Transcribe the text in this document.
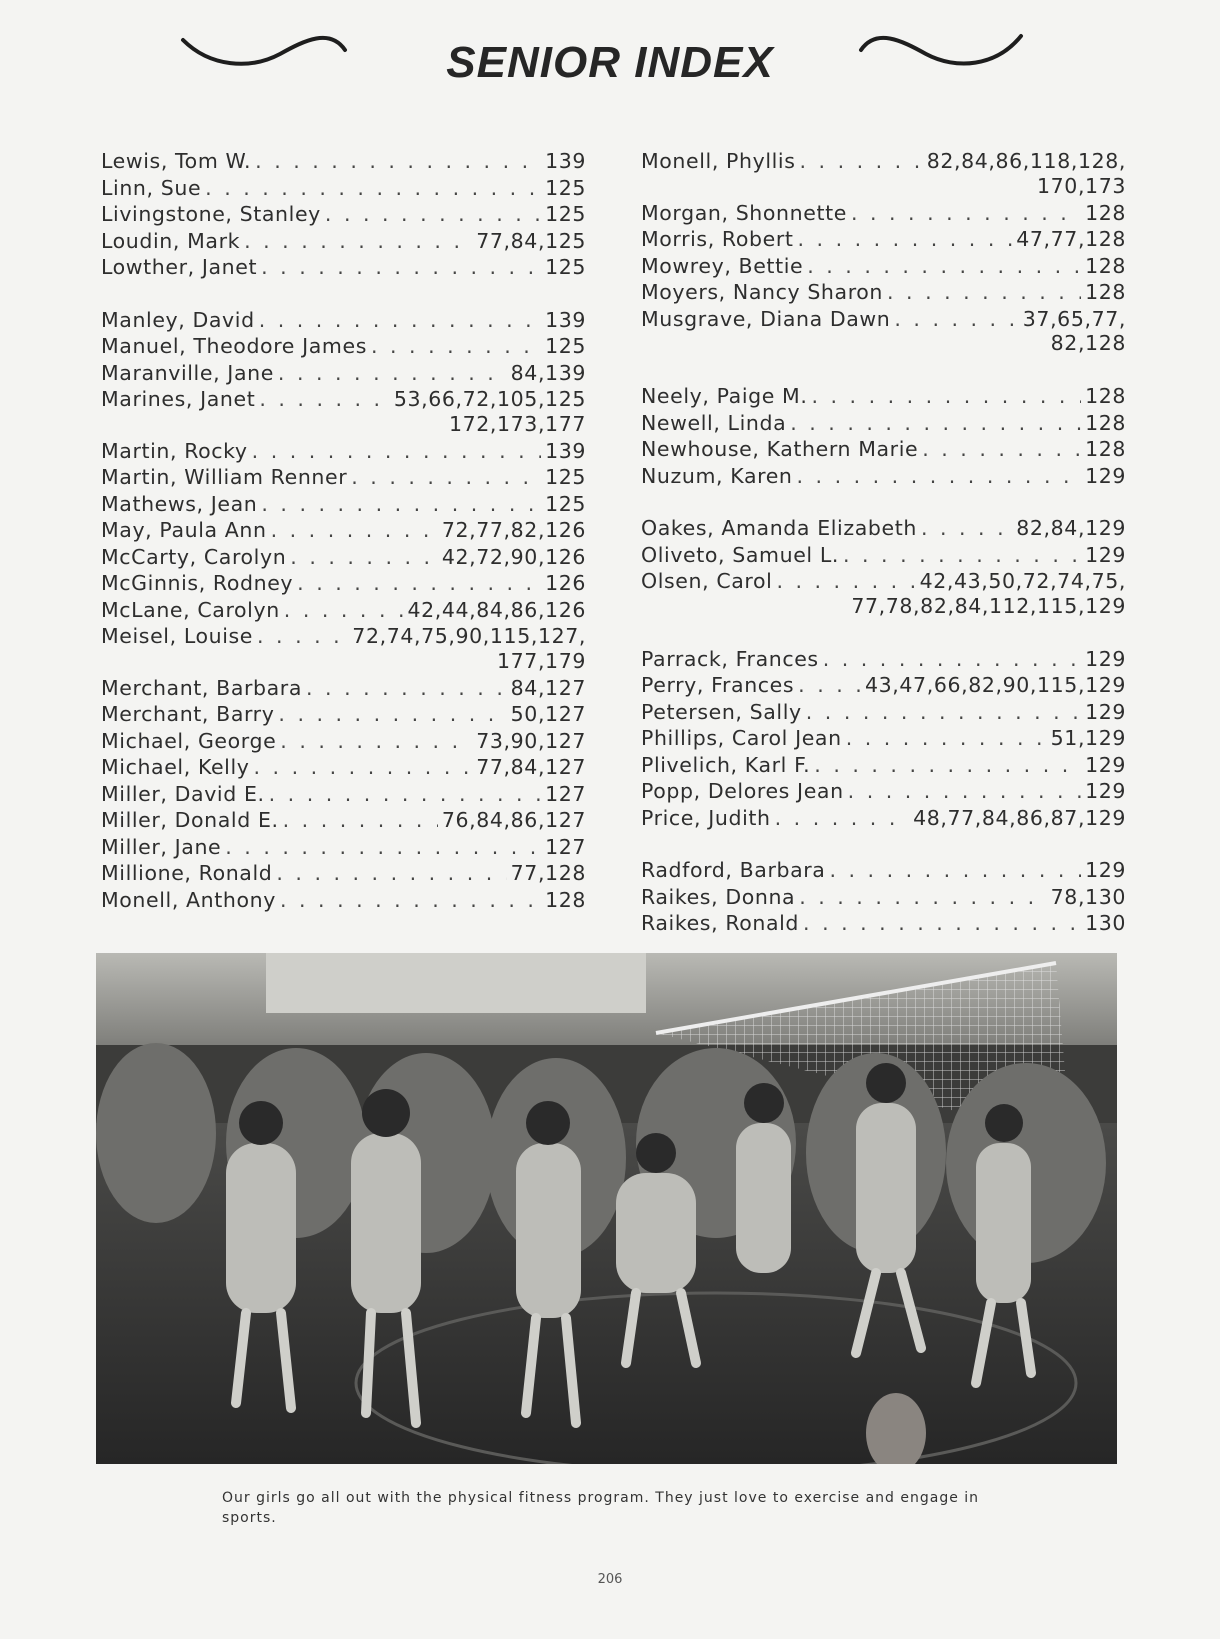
SENIOR INDEX
Lewis, Tom W. . . .	139
Linn, Sue . . .	125
Livingstone, Stanley . . .	125
Loudin, Mark . . .	77,84,125
Lowther, Janet . . .	125
Manley, David . . .	139
Manuel, Theodore James . . .	125
Maranville, Jane . . .	84,139
Marines, Janet . . .	53,66,72,105,125
172,173,177
Martin, Rocky . . .	139
Martin, William Renner . . .	125
Mathews, Jean . . .	125
May, Paula Ann . . .	72,77,82,126
McCarty, Carolyn . . .	42,72,90,126
McGinnis, Rodney . . .	126
McLane, Carolyn . . .	42,44,84,86,126
Meisel, Louise . . .	72,74,75,90,115,127,
177,179
Merchant, Barbara . . .	84,127
Merchant, Barry . . .	50,127
Michael, George . . .	73,90,127
Michael, Kelly . . .	77,84,127
Miller, David E. . . .	127
Miller, Donald E. . . .	76,84,86,127
Miller, Jane . . .	127
Millione, Ronald . . .	77,128
Monell, Anthony . . .	128
Monell, Phyllis . . .	82,84,86,118,128,
170,173
Morgan, Shonnette . . .	128
Morris, Robert . . .	47,77,128
Mowrey, Bettie . . .	128
Moyers, Nancy Sharon . . .	128
Musgrave, Diana Dawn . . .	37,65,77,
82,128
Neely, Paige M. . . .	128
Newell, Linda . . .	128
Newhouse, Kathern Marie . . .	128
Nuzum, Karen . . .	129
Oakes, Amanda Elizabeth . . .	82,84,129
Oliveto, Samuel L. . . .	129
Olsen, Carol . . .	42,43,50,72,74,75,
77,78,82,84,112,115,129
Parrack, Frances . . .	129
Perry, Frances . . .	43,47,66,82,90,115,129
Petersen, Sally . . .	129
Phillips, Carol Jean . . .	51,129
Plivelich, Karl F. . . .	129
Popp, Delores Jean . . .	129
Price, Judith . . .	48,77,84,86,87,129
Radford, Barbara . . .	129
Raikes, Donna . . .	78,130
Raikes, Ronald . . .	130
Our girls go all out with the physical fitness program. They just love to exercise and engage in sports.
206
